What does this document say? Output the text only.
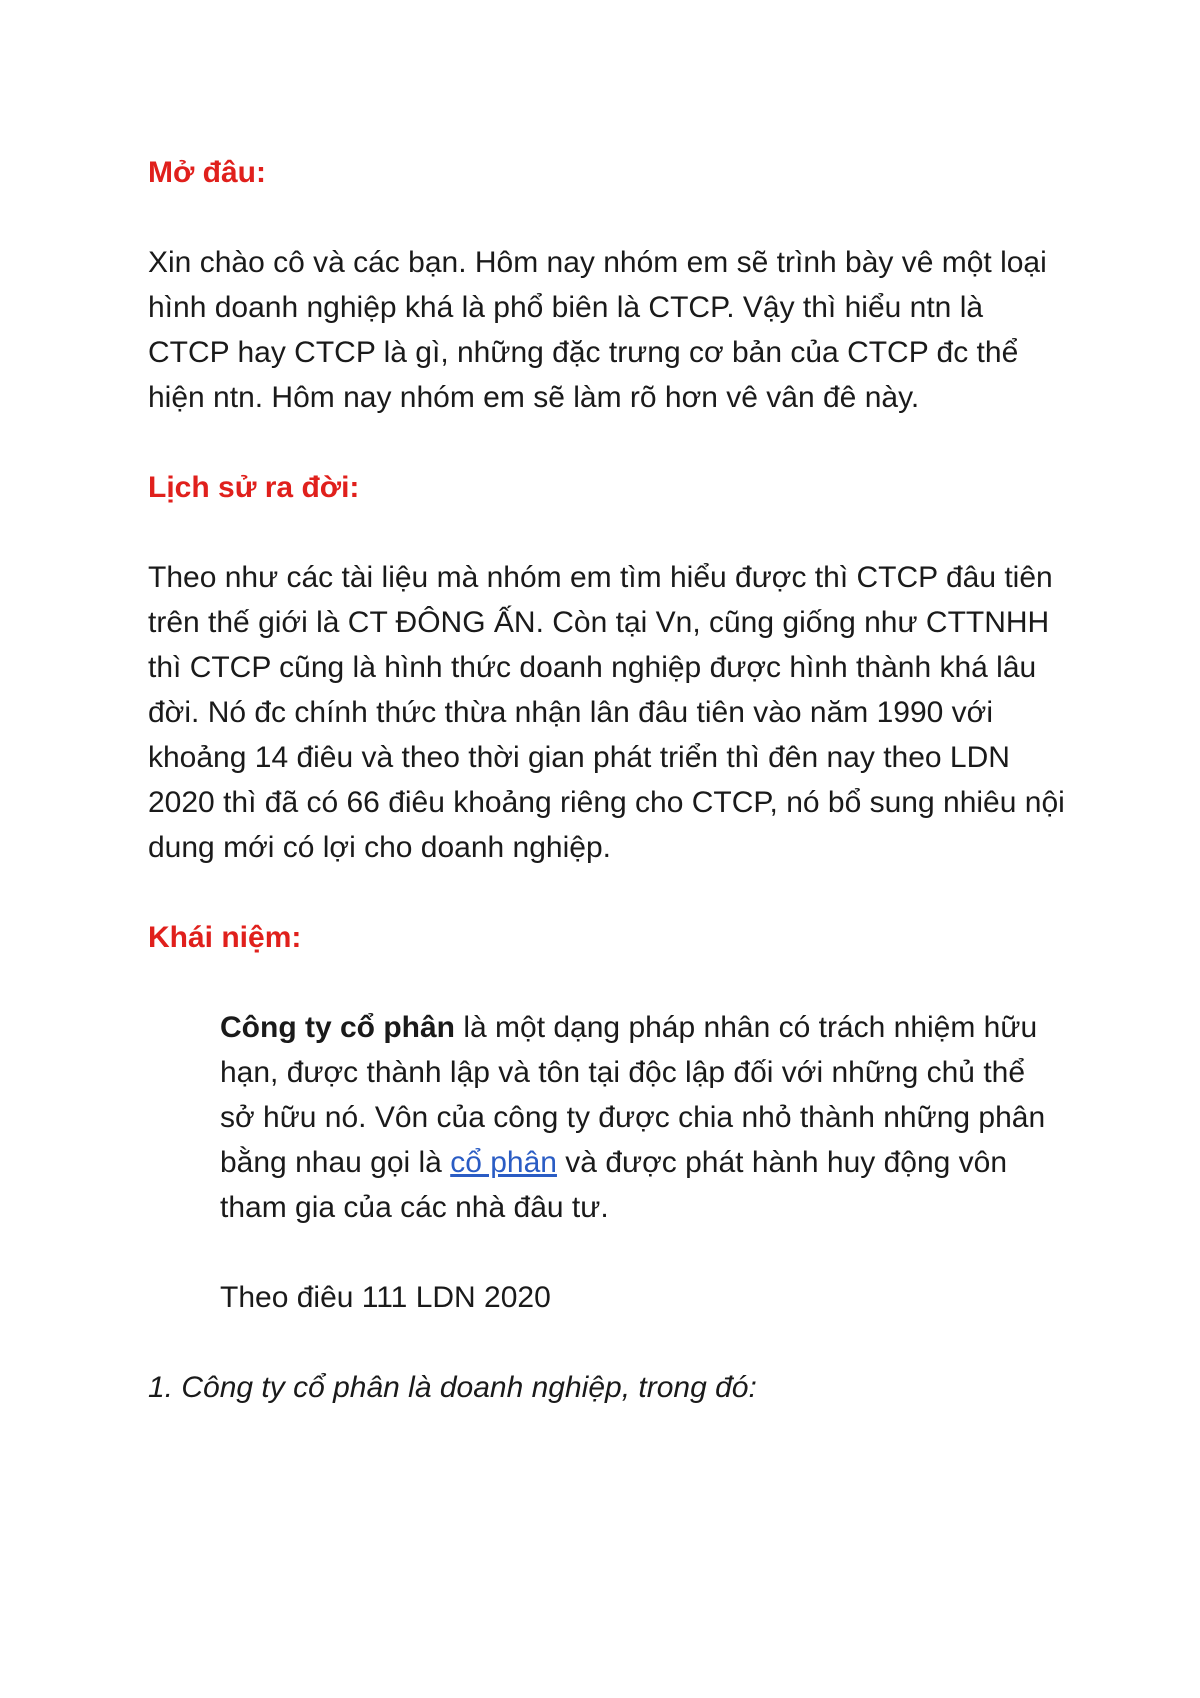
Mở đâu:
Xin chào cô và các bạn. Hôm nay nhóm em sẽ trình bày vê một loại hình doanh nghiệp khá là phổ biên là CTCP. Vậy thì hiểu ntn là CTCP hay CTCP là gì, những đặc trưng cơ bản của CTCP đc thể hiện ntn. Hôm nay nhóm em sẽ làm rõ hơn vê vân đê này.
Lịch sử ra đời:
Theo như các tài liệu mà nhóm em tìm hiểu được thì CTCP đâu tiên trên thế giới là CT ĐÔNG ẤN. Còn tại Vn, cũng giống như CTTNHH thì CTCP cũng là hình thức doanh nghiệp được hình thành khá lâu đời. Nó đc chính thức thừa nhận lân đâu tiên vào năm 1990 với khoảng 14 điêu và theo thời gian phát triển thì đên nay theo LDN 2020 thì đã có 66 điêu khoảng riêng cho CTCP, nó bổ sung nhiêu nội dung mới có lợi cho doanh nghiệp.
Khái niệm:
Công ty cổ phân là một dạng pháp nhân có trách nhiệm hữu hạn, được thành lập và tôn tại độc lập đối với những chủ thể sở hữu nó. Vôn của công ty được chia nhỏ thành những phân bằng nhau gọi là cổ phân và được phát hành huy động vôn tham gia của các nhà đâu tư.
Theo điêu 111 LDN 2020
1. Công ty cổ phân là doanh nghiệp, trong đó:
